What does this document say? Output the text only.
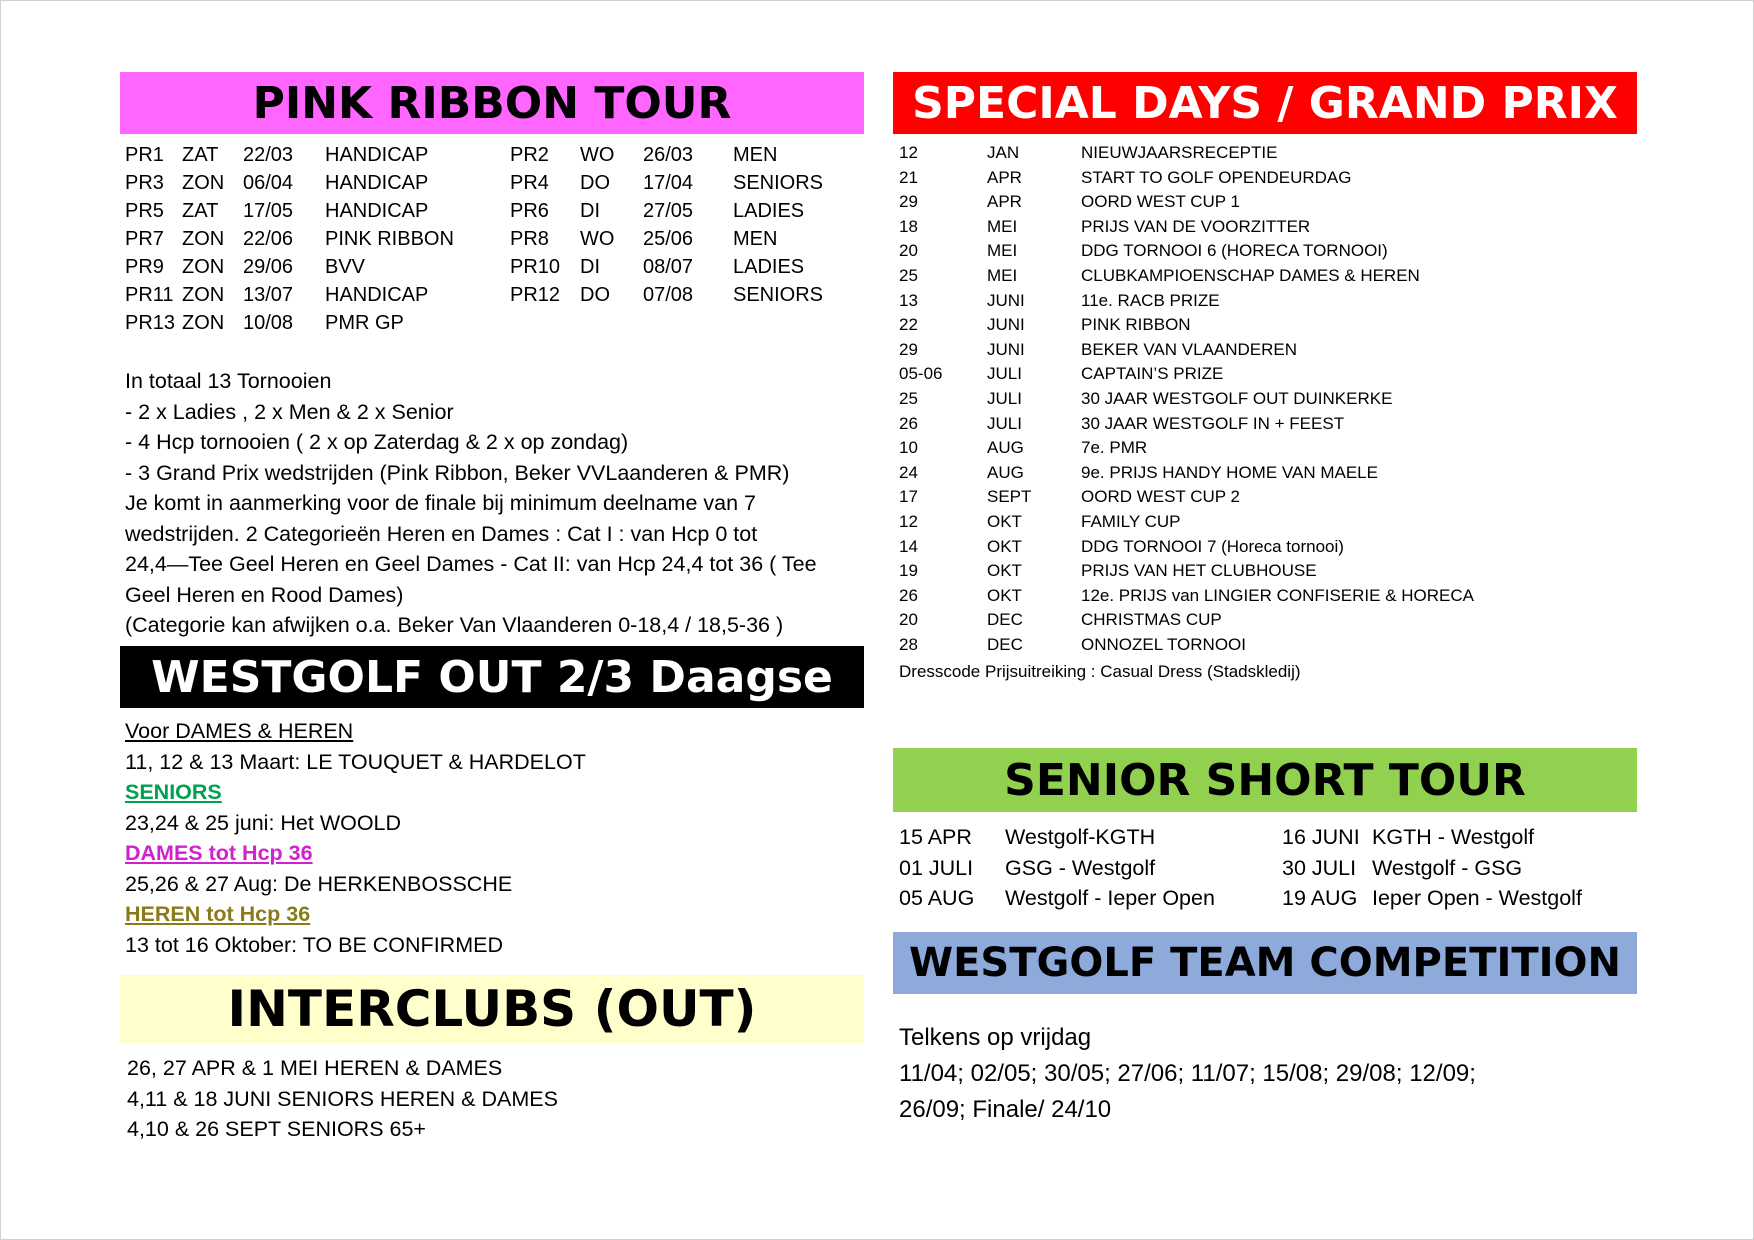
PINK RIBBON TOUR
PR1 ZAT 22/03 HANDICAP
PR3 ZON 06/04 HANDICAP
PR5 ZAT 17/05 HANDICAP
PR7 ZON 22/06 PINK RIBBON
PR9 ZON 29/06 BVV
PR11 ZON 13/07 HANDICAP
PR13 ZON 10/08 PMR GP
PR2 WO 26/03 MEN
PR4 DO 17/04 SENIORS
PR6 DI 27/05 LADIES
PR8 WO 25/06 MEN
PR10 DI 08/07 LADIES
PR12 DO 07/08 SENIORS
In totaal 13 Tornooien
- 2 x Ladies , 2 x Men & 2 x Senior
- 4 Hcp tornooien ( 2 x op Zaterdag & 2 x op zondag)
- 3 Grand Prix wedstrijden (Pink Ribbon, Beker VVLaanderen & PMR)
Je komt in aanmerking voor de finale bij minimum deelname van 7
wedstrijden. 2 Categorieën Heren en Dames : Cat I : van Hcp 0 tot
24,4—Tee Geel Heren en Geel Dames - Cat II: van Hcp 24,4 tot 36 ( Tee
Geel Heren en Rood Dames)
(Categorie kan afwijken o.a. Beker Van Vlaanderen 0-18,4 / 18,5-36 )
WESTGOLF OUT 2/3 Daagse
Voor DAMES & HEREN
11, 12 & 13 Maart: LE TOUQUET & HARDELOT
SENIORS
23,24 & 25 juni: Het WOOLD
DAMES tot Hcp 36
25,26 & 27 Aug: De HERKENBOSSCHE
HEREN tot Hcp 36
13 tot 16 Oktober: TO BE CONFIRMED
INTERCLUBS (OUT)
26, 27 APR & 1 MEI HEREN & DAMES
4,11 & 18 JUNI SENIORS HEREN & DAMES
4,10 & 26 SEPT SENIORS 65+
SPECIAL DAYS / GRAND PRIX
12	JAN	NIEUWJAARSRECEPTIE
21	APR	START TO GOLF OPENDEURDAG
29	APR	OORD WEST CUP 1
18	MEI	PRIJS VAN DE VOORZITTER
20	MEI	DDG TORNOOI 6 (HORECA TORNOOI)
25	MEI	CLUBKAMPIOENSCHAP DAMES & HEREN
13	JUNI	11e. RACB PRIZE
22	JUNI	PINK RIBBON
29	JUNI	BEKER VAN VLAANDEREN
05-06	JULI	CAPTAIN’S PRIZE
25	JULI	30 JAAR WESTGOLF OUT DUINKERKE
26	JULI	30 JAAR WESTGOLF IN + FEEST
10	AUG	7e. PMR
24	AUG	9e. PRIJS HANDY HOME VAN MAELE
17	SEPT	OORD WEST CUP 2
12	OKT	FAMILY CUP
14	OKT	DDG TORNOOI 7 (Horeca tornooi)
19	OKT	PRIJS VAN HET CLUBHOUSE
26	OKT	12e. PRIJS van LINGIER CONFISERIE & HORECA
20	DEC	CHRISTMAS CUP
28	DEC	ONNOZEL TORNOOI
Dresscode Prijsuitreiking : Casual Dress (Stadskledij)
SENIOR SHORT TOUR
15 APR Westgolf-KGTH
01 JULI GSG - Westgolf
05 AUG Westgolf - Ieper Open
16 JUNI KGTH - Westgolf
30 JULI Westgolf - GSG
19 AUG Ieper Open - Westgolf
WESTGOLF TEAM COMPETITION
Telkens op vrijdag
11/04; 02/05; 30/05; 27/06; 11/07; 15/08; 29/08; 12/09;
26/09; Finale/ 24/10
